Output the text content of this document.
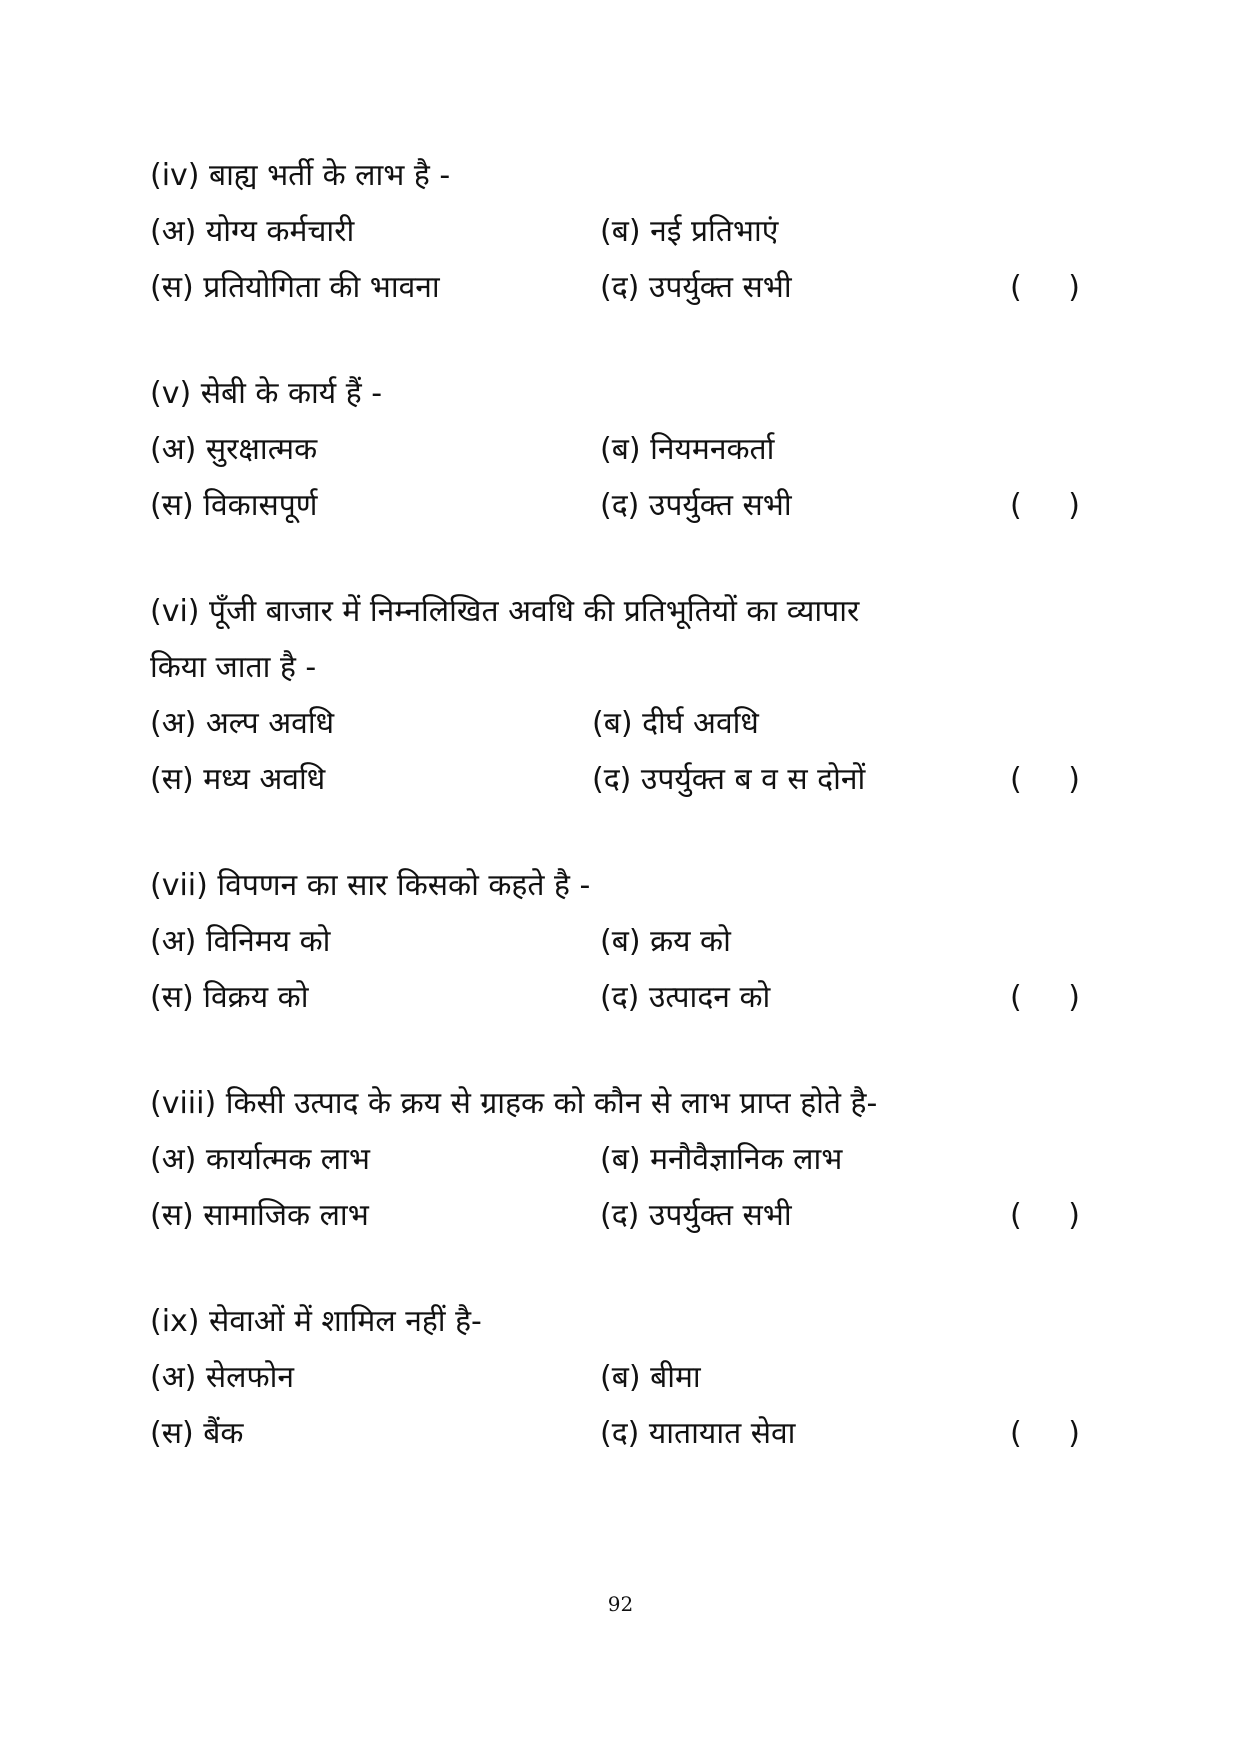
(iv) बाह्य भर्ती के लाभ है -
(अ) योग्य कर्मचारी	(ब) नई प्रतिभाएं
(स) प्रतियोगिता की भावना	(द) उपर्युक्त सभी	( )
(v) सेबी के कार्य हैं -
(अ) सुरक्षात्मक	(ब) नियमनकर्ता
(स) विकासपूर्ण	(द) उपर्युक्त सभी	( )
(vi) पूँजी बाजार में निम्नलिखित अवधि की प्रतिभूतियों का व्यापार
किया जाता है -
(अ) अल्प अवधि	(ब) दीर्घ अवधि
(स) मध्य अवधि	(द) उपर्युक्त ब व स दोनों	( )
(vii) विपणन का सार किसको कहते है -
(अ) विनिमय को	(ब) क्रय को
(स) विक्रय को	(द) उत्पादन को	( )
(viii) किसी उत्पाद के क्रय से ग्राहक को कौन से लाभ प्राप्त होते है-
(अ) कार्यात्मक लाभ	(ब) मनौवैज्ञानिक लाभ
(स) सामाजिक लाभ	(द) उपर्युक्त सभी	( )
(ix) सेवाओं में शामिल नहीं है-
(अ) सेलफोन	(ब) बीमा
(स) बैंक	(द) यातायात सेवा	( )
92
